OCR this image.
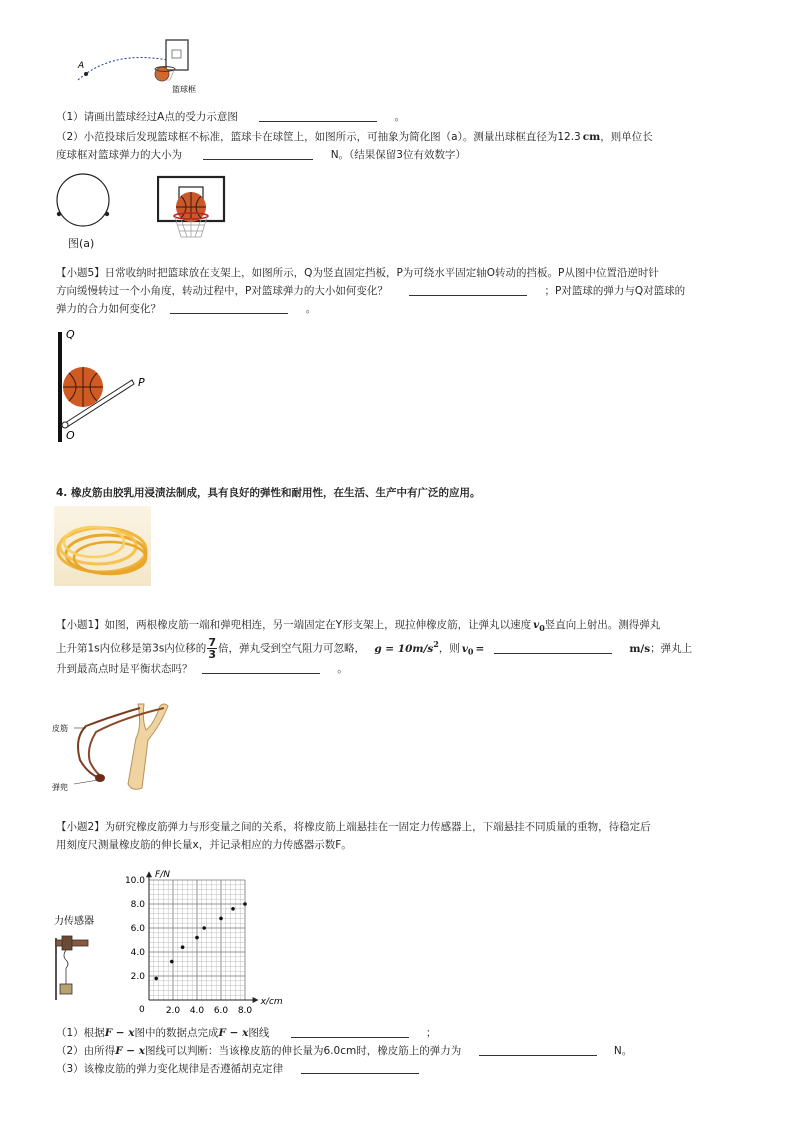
A
篮球框
（1）请画出篮球经过A点的受力示意图	。
（2）小范投球后发现篮球框不标准，篮球卡在球筐上，如图所示，可抽象为简化图（a）。测量出球框直径为12.3 cm，则单位长
度球框对篮球弹力的大小为	N。（结果保留3位有效数字）
图(a)
【小题5】日常收纳时把篮球放在支架上，如图所示，Q为竖直固定挡板，P为可绕水平固定轴O转动的挡板。P从图中位置沿逆时针
方向缓慢转过一个小角度，转动过程中，P对篮球弹力的大小如何变化？	；P对篮球的弹力与Q对篮球的
弹力的合力如何变化？	。
Q
P
O
4. 橡皮筋由胶乳用浸渍法制成，具有良好的弹性和耐用性，在生活、生产中有广泛的应用。
【小题1】如图，两根橡皮筋一端和弹兜相连，另一端固定在Y形支架上，现拉伸橡皮筋，让弹丸以速度 $v_0$竖直向上射出。测得弹丸
上升第1s内位移是第3s内位移的 $\frac{7}{3}$ 倍，弹丸受到空气阻力可忽略， $g = 10m/s^2$，则 $v_0$ =	m/s；弹丸上
升到最高点时是平衡状态吗？	。
皮筋
弹兜
【小题2】为研究橡皮筋弹力与形变量之间的关系，将橡皮筋上端悬挂在一固定力传感器上，下端悬挂不同质量的重物，待稳定后
用刻度尺测量橡皮筋的伸长量x，并记录相应的力传感器示数F。
力传感器
F/N
x/cm
0 2.0 4.0 6.0 8.0
2.0
4.0
6.0
8.0
10.0
（1）根据F − x图中的数据点完成F − x图线	；
（2）由所得F − x图线可以判断：当该橡皮筋的伸长量为6.0cm时，橡皮筋上的弹力为	N。
（3）该橡皮筋的弹力变化规律是否遵循胡克定律
